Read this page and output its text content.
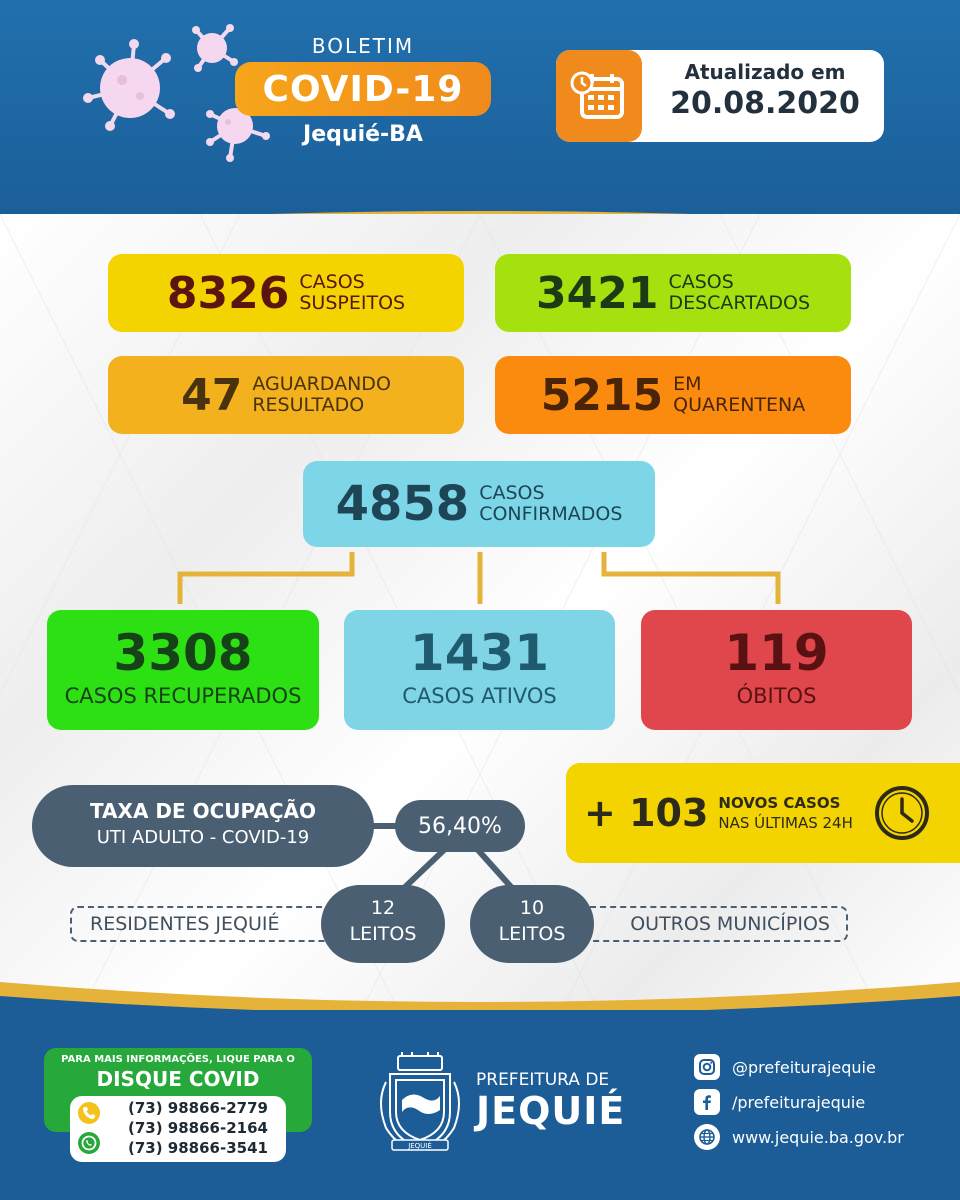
BOLETIM
COVID-19
Jequié-BA
Atualizado em
20.08.2020
8326 CASOS
SUSPEITOS	3421 CASOS
DESCARTADOS
47 AGUARDANDO
RESULTADO	5215 EM
QUARENTENA
4858 CASOS
CONFIRMADOS
3308
CASOS RECUPERADOS
1431
CASOS ATIVOS
119
ÓBITOS
RESIDENTES JEQUIÉ	OUTROS MUNICÍPIOS
TAXA DE OCUPAÇÃO
UTI ADULTO - COVID-19	56,40%
12
LEITOS
10
LEITOS
+ 103 NOVOS CASOS
NAS ÚLTIMAS 24H
PARA MAIS INFORMAÇÕES, LIQUE PARA O
DISQUE COVID
(73) 98866-2779
(73) 98866-2164
(73) 98866-3541	JEQUIÉ
PREFEITURA DE
JEQUIÉ
@prefeiturajequie
/prefeiturajequie
www.jequie.ba.gov.br
